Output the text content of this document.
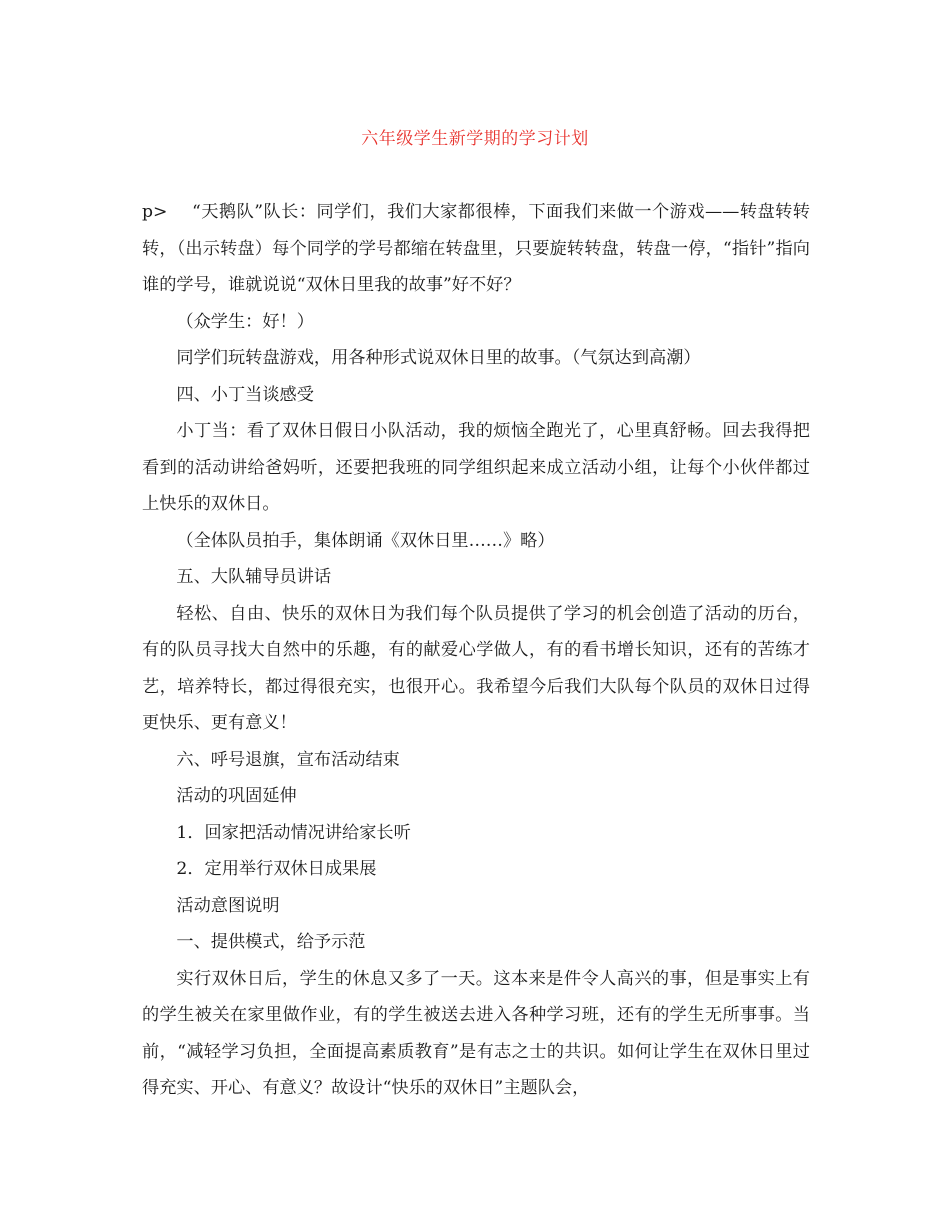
六年级学生新学期的学习计划

p> “天鹅队”队长：同学们，我们大家都很棒，下面我们来做一个游戏——转盘转转转，（出示转盘）每个同学的学号都缩在转盘里，只要旋转转盘，转盘一停，“指针”指向谁的学号，谁就说说“双休日里我的故事”好不好？

（众学生：好！）

同学们玩转盘游戏，用各种形式说双休日里的故事。（气氛达到高潮）

四、小丁当谈感受

小丁当：看了双休日假日小队活动，我的烦恼全跑光了，心里真舒畅。回去我得把看到的活动讲给爸妈听，还要把我班的同学组织起来成立活动小组，让每个小伙伴都过上快乐的双休日。

（全体队员拍手，集体朗诵《双休日里……》略）

五、大队辅导员讲话

轻松、自由、快乐的双休日为我们每个队员提供了学习的机会创造了活动的历台，有的队员寻找大自然中的乐趣，有的献爱心学做人，有的看书增长知识，还有的苦练才艺，培养特长，都过得很充实，也很开心。我希望今后我们大队每个队员的双休日过得更快乐、更有意义！

六、呼号退旗，宣布活动结束

活动的巩固延伸

1．回家把活动情况讲给家长听

2．定用举行双休日成果展

活动意图说明

一、提供模式，给予示范

实行双休日后，学生的休息又多了一天。这本来是件令人高兴的事，但是事实上有的学生被关在家里做作业，有的学生被送去进入各种学习班，还有的学生无所事事。当前，“减轻学习负担，全面提高素质教育”是有志之士的共识。如何让学生在双休日里过得充实、开心、有意义？故设计“快乐的双休日”主题队会，
